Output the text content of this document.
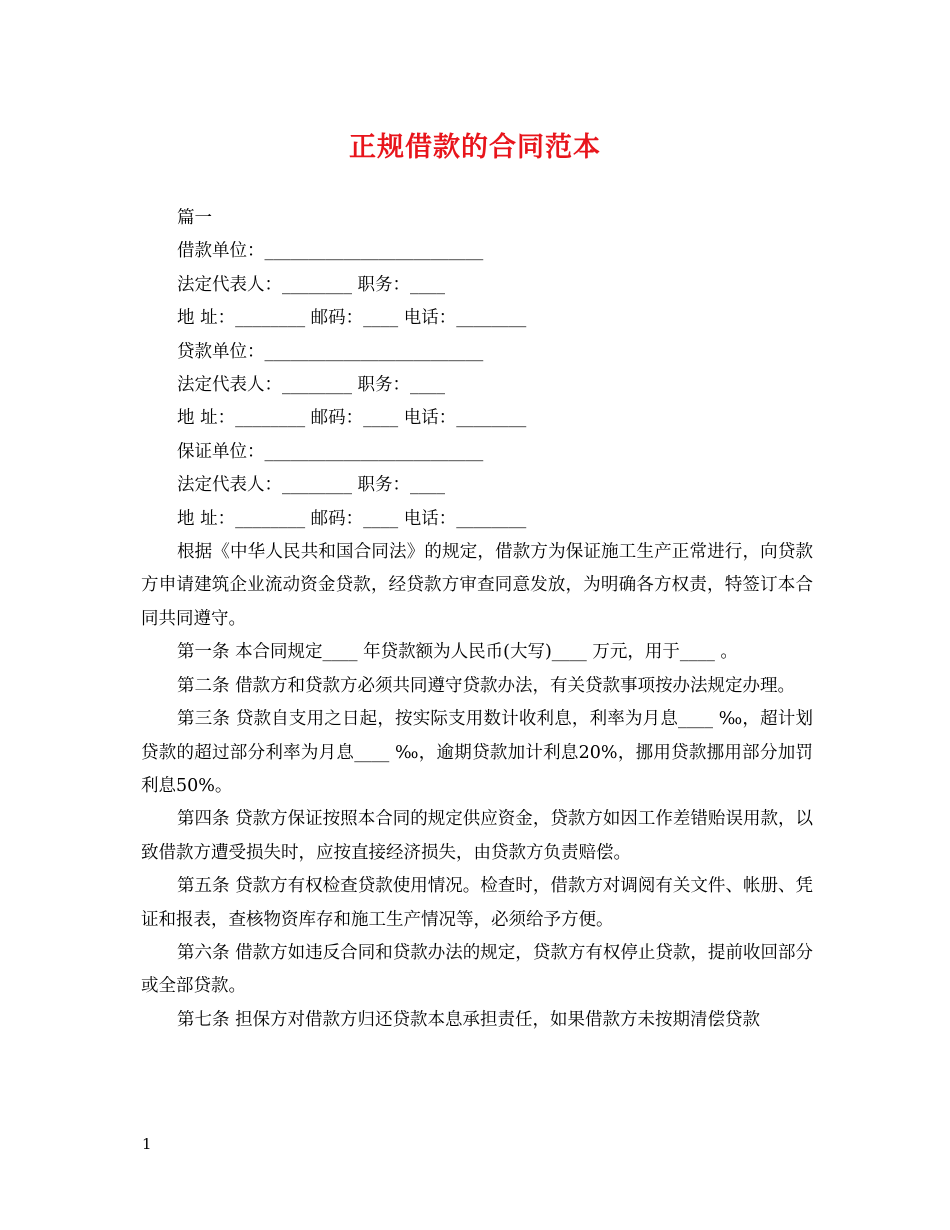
正规借款的合同范本

篇一

借款单位：_________________________

法定代表人：________ 职务：____

地 址：________ 邮码：____ 电话：________

贷款单位：_________________________

法定代表人：________ 职务：____

地 址：________ 邮码：____ 电话：________

保证单位：_________________________

法定代表人：________ 职务：____

地 址：________ 邮码：____ 电话：________

根据《中华人民共和国合同法》的规定，借款方为保证施工生产正常进行，向贷款方申请建筑企业流动资金贷款，经贷款方审查同意发放，为明确各方权责，特签订本合同共同遵守。

第一条 本合同规定____ 年贷款额为人民币(大写)____ 万元，用于____ 。

第二条 借款方和贷款方必须共同遵守贷款办法，有关贷款事项按办法规定办理。

第三条 贷款自支用之日起，按实际支用数计收利息，利率为月息____ ‰，超计划贷款的超过部分利率为月息____ ‰，逾期贷款加计利息20%，挪用贷款挪用部分加罚利息50%。

第四条 贷款方保证按照本合同的规定供应资金，贷款方如因工作差错贻误用款，以致借款方遭受损失时，应按直接经济损失，由贷款方负责赔偿。

第五条 贷款方有权检查贷款使用情况。检查时，借款方对调阅有关文件、帐册、凭证和报表，查核物资库存和施工生产情况等，必须给予方便。

第六条 借款方如违反合同和贷款办法的规定，贷款方有权停止贷款，提前收回部分或全部贷款。

第七条 担保方对借款方归还贷款本息承担责任，如果借款方未按期清偿贷款

1
